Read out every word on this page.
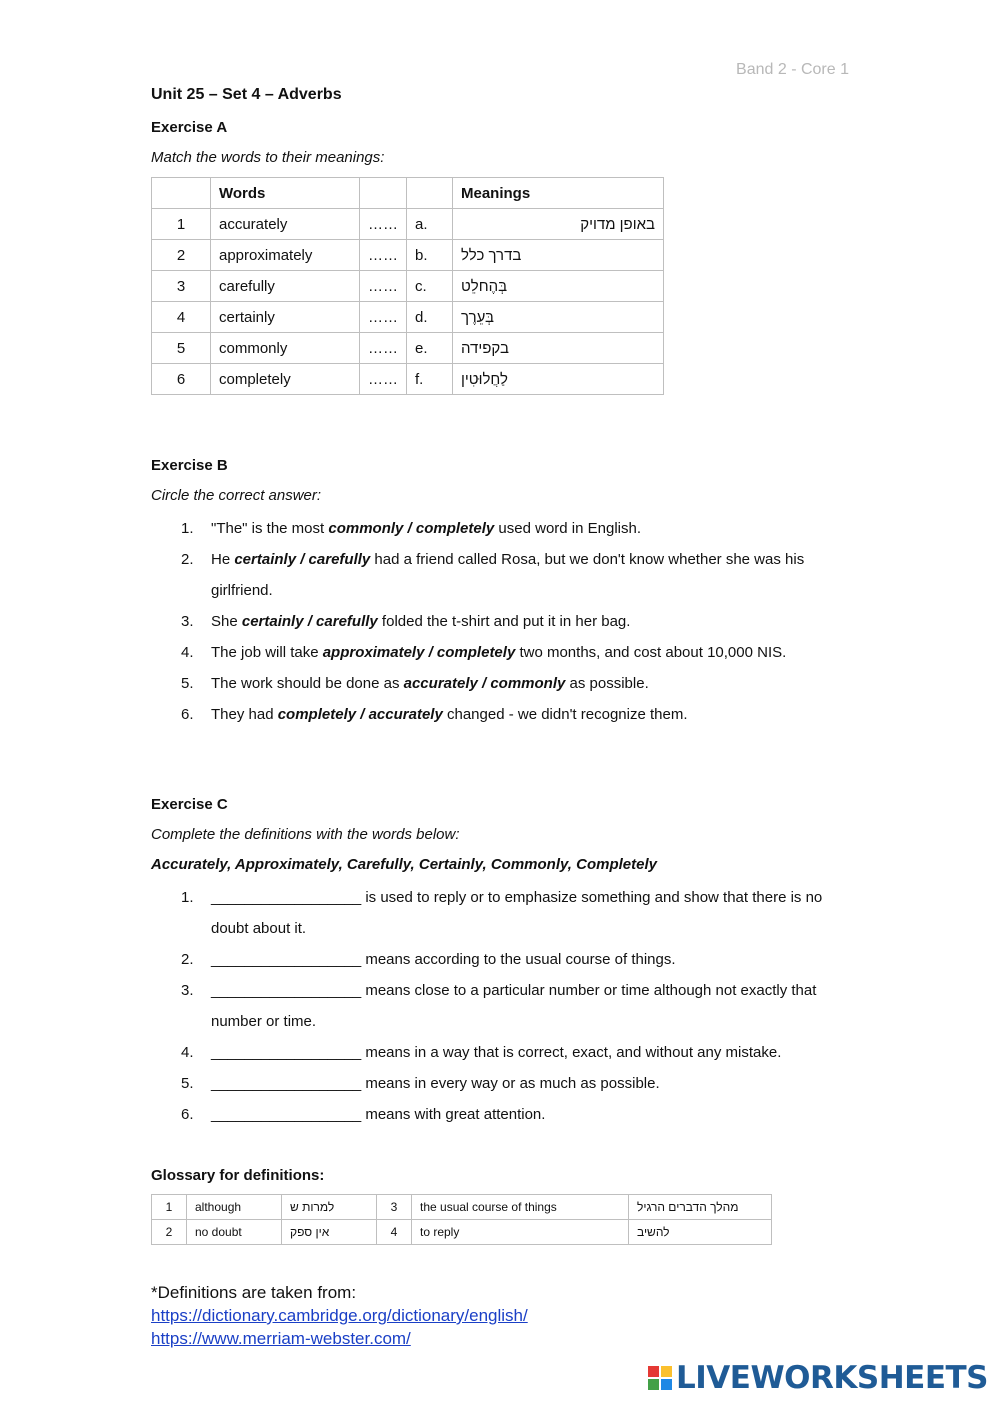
Band 2 - Core 1
Unit 25 – Set 4 – Adverbs
Exercise A
Match the words to their meanings:
	Words			Meanings
1	accurately	……	a.	באופן מדויק
2	approximately	……	b.	בדרך כלל
3	carefully	……	c.	בְּהֶחלֵט
4	certainly	……	d.	בְּעֵרֶך
5	commonly	……	e.	בקפידה
6	completely	……	f.	לַחֲלוּטִין
Exercise B
Circle the correct answer:
1. "The" is the most commonly / completely used word in English.
2. He certainly / carefully had a friend called Rosa, but we don't know whether she was his girlfriend.
3. She certainly / carefully folded the t-shirt and put it in her bag.
4. The job will take approximately / completely two months, and cost about 10,000 NIS.
5. The work should be done as accurately / commonly as possible.
6. They had completely / accurately changed - we didn't recognize them.
Exercise C
Complete the definitions with the words below:
Accurately, Approximately, Carefully, Certainly, Commonly, Completely
1. __________________ is used to reply or to emphasize something and show that there is no doubt about it.
2. __________________ means according to the usual course of things.
3. __________________ means close to a particular number or time although not exactly that number or time.
4. __________________ means in a way that is correct, exact, and without any mistake.
5. __________________ means in every way or as much as possible.
6. __________________ means with great attention.
Glossary for definitions:
1	although	למרות ש	3	the usual course of things	מהלך הדברים הרגיל
2	no doubt	אין ספק	4	to reply	להשיב
*Definitions are taken from:
https://dictionary.cambridge.org/dictionary/english/
https://www.merriam-webster.com/
LIVEWORKSHEETS
